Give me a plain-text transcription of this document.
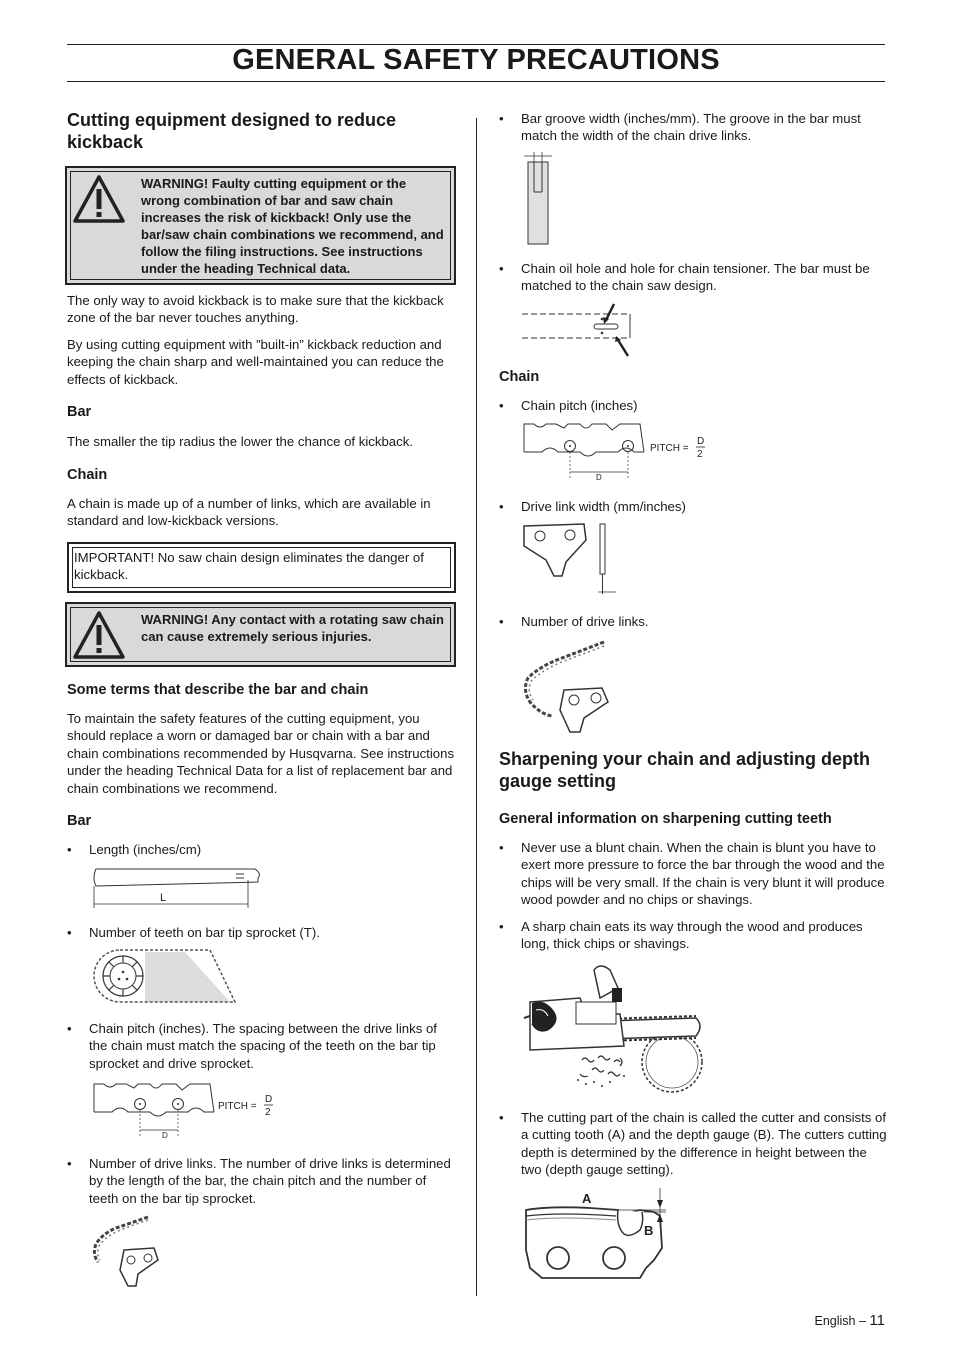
GENERAL SAFETY PRECAUTIONS
Cutting equipment designed to reduce kickback
WARNING! Faulty cutting equipment or the wrong combination of bar and saw chain increases the risk of kickback! Only use the bar/saw chain combinations we recommend, and follow the filing instructions. See instructions under the heading Technical data.
The only way to avoid kickback is to make sure that the kickback zone of the bar never touches anything.
By using cutting equipment with ”built-in” kickback reduction and keeping the chain sharp and well-maintained you can reduce the effects of kickback.
Bar
The smaller the tip radius the lower the chance of kickback.
Chain
A chain is made up of a number of links, which are available in standard and low-kickback versions.
IMPORTANT! No saw chain design eliminates the danger of kickback.
WARNING! Any contact with a rotating saw chain can cause extremely serious injuries.
Some terms that describe the bar and chain
To maintain the safety features of the cutting equipment, you should replace a worn or damaged bar or chain with a bar and chain combinations recommended by Husqvarna. See instructions under the heading Technical Data for a list of replacement bar and chain combinations we recommend.
Bar
• Length (inches/cm)
L
• Number of teeth on bar tip sprocket (T).
• Chain pitch (inches). The spacing between the drive links of the chain must match the spacing of the teeth on the bar tip sprocket and drive sprocket.
D
PITCH =
D
2
• Number of drive links. The number of drive links is determined by the length of the bar, the chain pitch and the number of teeth on the bar tip sprocket.
• Bar groove width (inches/mm). The groove in the bar must match the width of the chain drive links.
• Chain oil hole and hole for chain tensioner. The bar must be matched to the chain saw design.
Chain
• Chain pitch (inches)
D
PITCH =
D
2
• Drive link width (mm/inches)
• Number of drive links.
Sharpening your chain and adjusting depth gauge setting
General information on sharpening cutting teeth
• Never use a blunt chain. When the chain is blunt you have to exert more pressure to force the bar through the wood and the chips will be very small. If the chain is very blunt it will produce wood powder and no chips or shavings.
• A sharp chain eats its way through the wood and produces long, thick chips or shavings.
• The cutting part of the chain is called the cutter and consists of a cutting tooth (A) and the depth gauge (B). The cutters cutting depth is determined by the difference in height between the two (depth gauge setting).
A
B
English – 11
